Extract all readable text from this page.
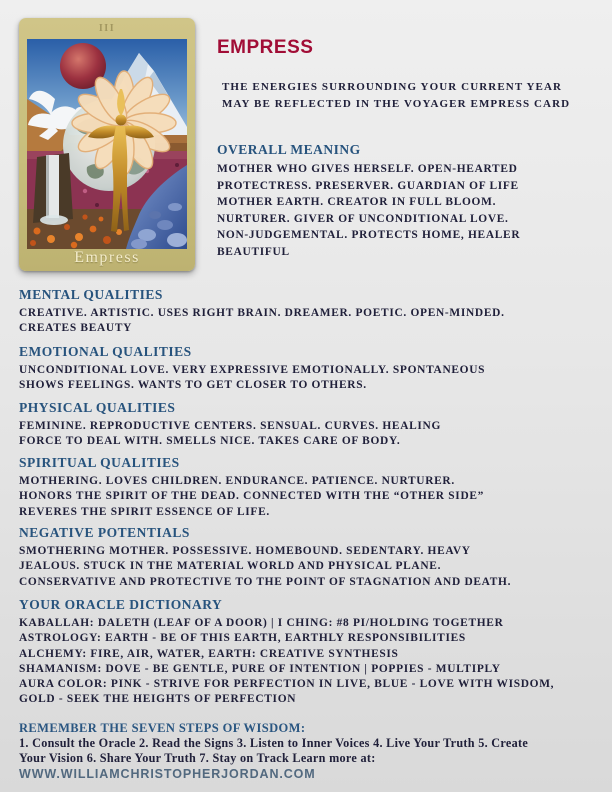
III
Empress
EMPRESS
THE ENERGIES SURROUNDING YOUR CURRENT YEAR
MAY BE REFLECTED IN THE VOYAGER EMPRESS CARD
OVERALL MEANING
MOTHER WHO GIVES HERSELF. OPEN-HEARTED
PROTECTRESS. PRESERVER. GUARDIAN OF LIFE
MOTHER EARTH. CREATOR IN FULL BLOOM.
NURTURER. GIVER OF UNCONDITIONAL LOVE.
NON-JUDGEMENTAL. PROTECTS HOME, HEALER
BEAUTIFUL
MENTAL QUALITIES
CREATIVE. ARTISTIC. USES RIGHT BRAIN. DREAMER. POETIC. OPEN-MINDED.
CREATES BEAUTY
EMOTIONAL QUALITIES
UNCONDITIONAL LOVE. VERY EXPRESSIVE EMOTIONALLY. SPONTANEOUS
SHOWS FEELINGS. WANTS TO GET CLOSER TO OTHERS.
PHYSICAL QUALITIES
FEMININE. REPRODUCTIVE CENTERS. SENSUAL. CURVES. HEALING
FORCE TO DEAL WITH. SMELLS NICE. TAKES CARE OF BODY.
SPIRITUAL QUALITIES
MOTHERING. LOVES CHILDREN. ENDURANCE. PATIENCE. NURTURER.
HONORS THE SPIRIT OF THE DEAD. CONNECTED WITH THE “OTHER SIDE”
REVERES THE SPIRIT ESSENCE OF LIFE.
NEGATIVE POTENTIALS
SMOTHERING MOTHER. POSSESSIVE. HOMEBOUND. SEDENTARY. HEAVY
JEALOUS. STUCK IN THE MATERIAL WORLD AND PHYSICAL PLANE.
CONSERVATIVE AND PROTECTIVE TO THE POINT OF STAGNATION AND DEATH.
YOUR ORACLE DICTIONARY
KABALLAH: DALETH (LEAF OF A DOOR) | I CHING: #8 PI/HOLDING TOGETHER
ASTROLOGY: EARTH - BE OF THIS EARTH, EARTHLY RESPONSIBILITIES
ALCHEMY: FIRE, AIR, WATER, EARTH: CREATIVE SYNTHESIS
SHAMANISM: DOVE - BE GENTLE, PURE OF INTENTION | POPPIES - MULTIPLY
AURA COLOR: PINK - STRIVE FOR PERFECTION IN LIVE, BLUE - LOVE WITH WISDOM,
GOLD - SEEK THE HEIGHTS OF PERFECTION
REMEMBER THE SEVEN STEPS OF WISDOM:
1. Consult the Oracle 2. Read the Signs 3. Listen to Inner Voices 4. Live Your Truth 5. Create
Your Vision 6. Share Your Truth 7. Stay on Track Learn more at:
WWW.WILLIAMCHRISTOPHERJORDAN.COM
